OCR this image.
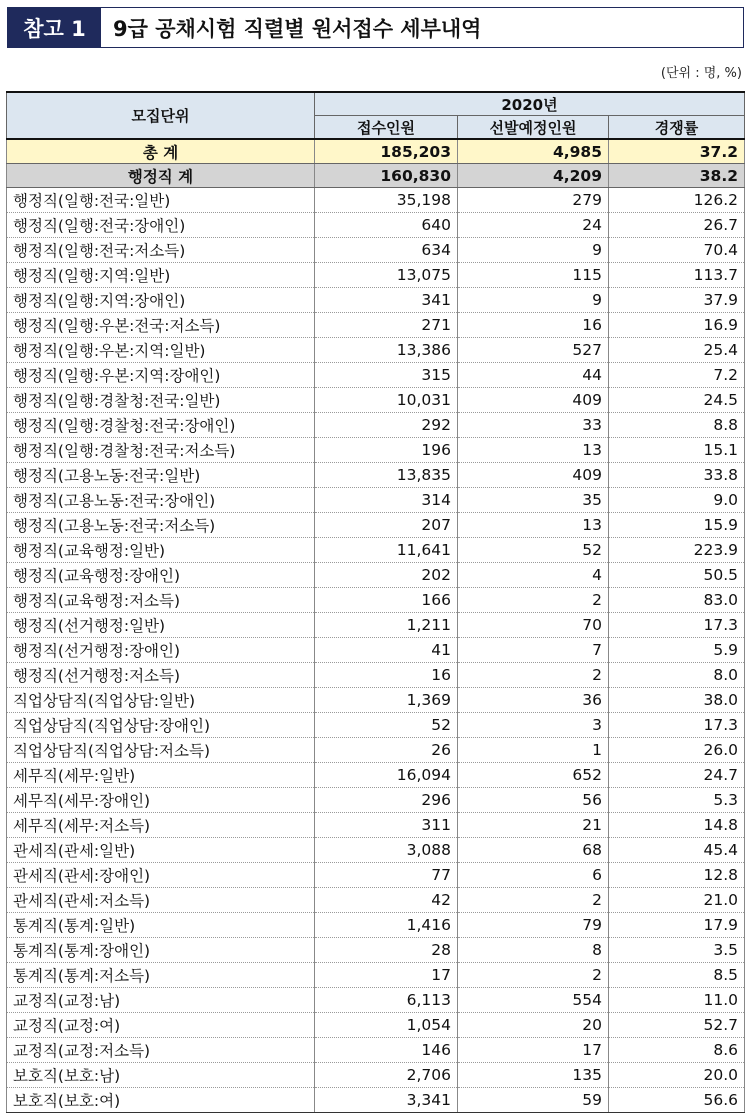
참고 1	9급 공채시험 직렬별 원서접수 세부내역
(단위 : 명, %)
모집단위	2020년		
	접수인원	선발예정인원	경쟁률
총 계	185,203	4,985	37.2
행정직 계	160,830	4,209	38.2
행정직(일행:전국:일반)	35,198	279	126.2
행정직(일행:전국:장애인)	640	24	26.7
행정직(일행:전국:저소득)	634	9	70.4
행정직(일행:지역:일반)	13,075	115	113.7
행정직(일행:지역:장애인)	341	9	37.9
행정직(일행:우본:전국:저소득)	271	16	16.9
행정직(일행:우본:지역:일반)	13,386	527	25.4
행정직(일행:우본:지역:장애인)	315	44	7.2
행정직(일행:경찰청:전국:일반)	10,031	409	24.5
행정직(일행:경찰청:전국:장애인)	292	33	8.8
행정직(일행:경찰청:전국:저소득)	196	13	15.1
행정직(고용노동:전국:일반)	13,835	409	33.8
행정직(고용노동:전국:장애인)	314	35	9.0
행정직(고용노동:전국:저소득)	207	13	15.9
행정직(교육행정:일반)	11,641	52	223.9
행정직(교육행정:장애인)	202	4	50.5
행정직(교육행정:저소득)	166	2	83.0
행정직(선거행정:일반)	1,211	70	17.3
행정직(선거행정:장애인)	41	7	5.9
행정직(선거행정:저소득)	16	2	8.0
직업상담직(직업상담:일반)	1,369	36	38.0
직업상담직(직업상담:장애인)	52	3	17.3
직업상담직(직업상담:저소득)	26	1	26.0
세무직(세무:일반)	16,094	652	24.7
세무직(세무:장애인)	296	56	5.3
세무직(세무:저소득)	311	21	14.8
관세직(관세:일반)	3,088	68	45.4
관세직(관세:장애인)	77	6	12.8
관세직(관세:저소득)	42	2	21.0
통계직(통계:일반)	1,416	79	17.9
통계직(통계:장애인)	28	8	3.5
통계직(통계:저소득)	17	2	8.5
교정직(교정:남)	6,113	554	11.0
교정직(교정:여)	1,054	20	52.7
교정직(교정:저소득)	146	17	8.6
보호직(보호:남)	2,706	135	20.0
보호직(보호:여)	3,341	59	56.6
